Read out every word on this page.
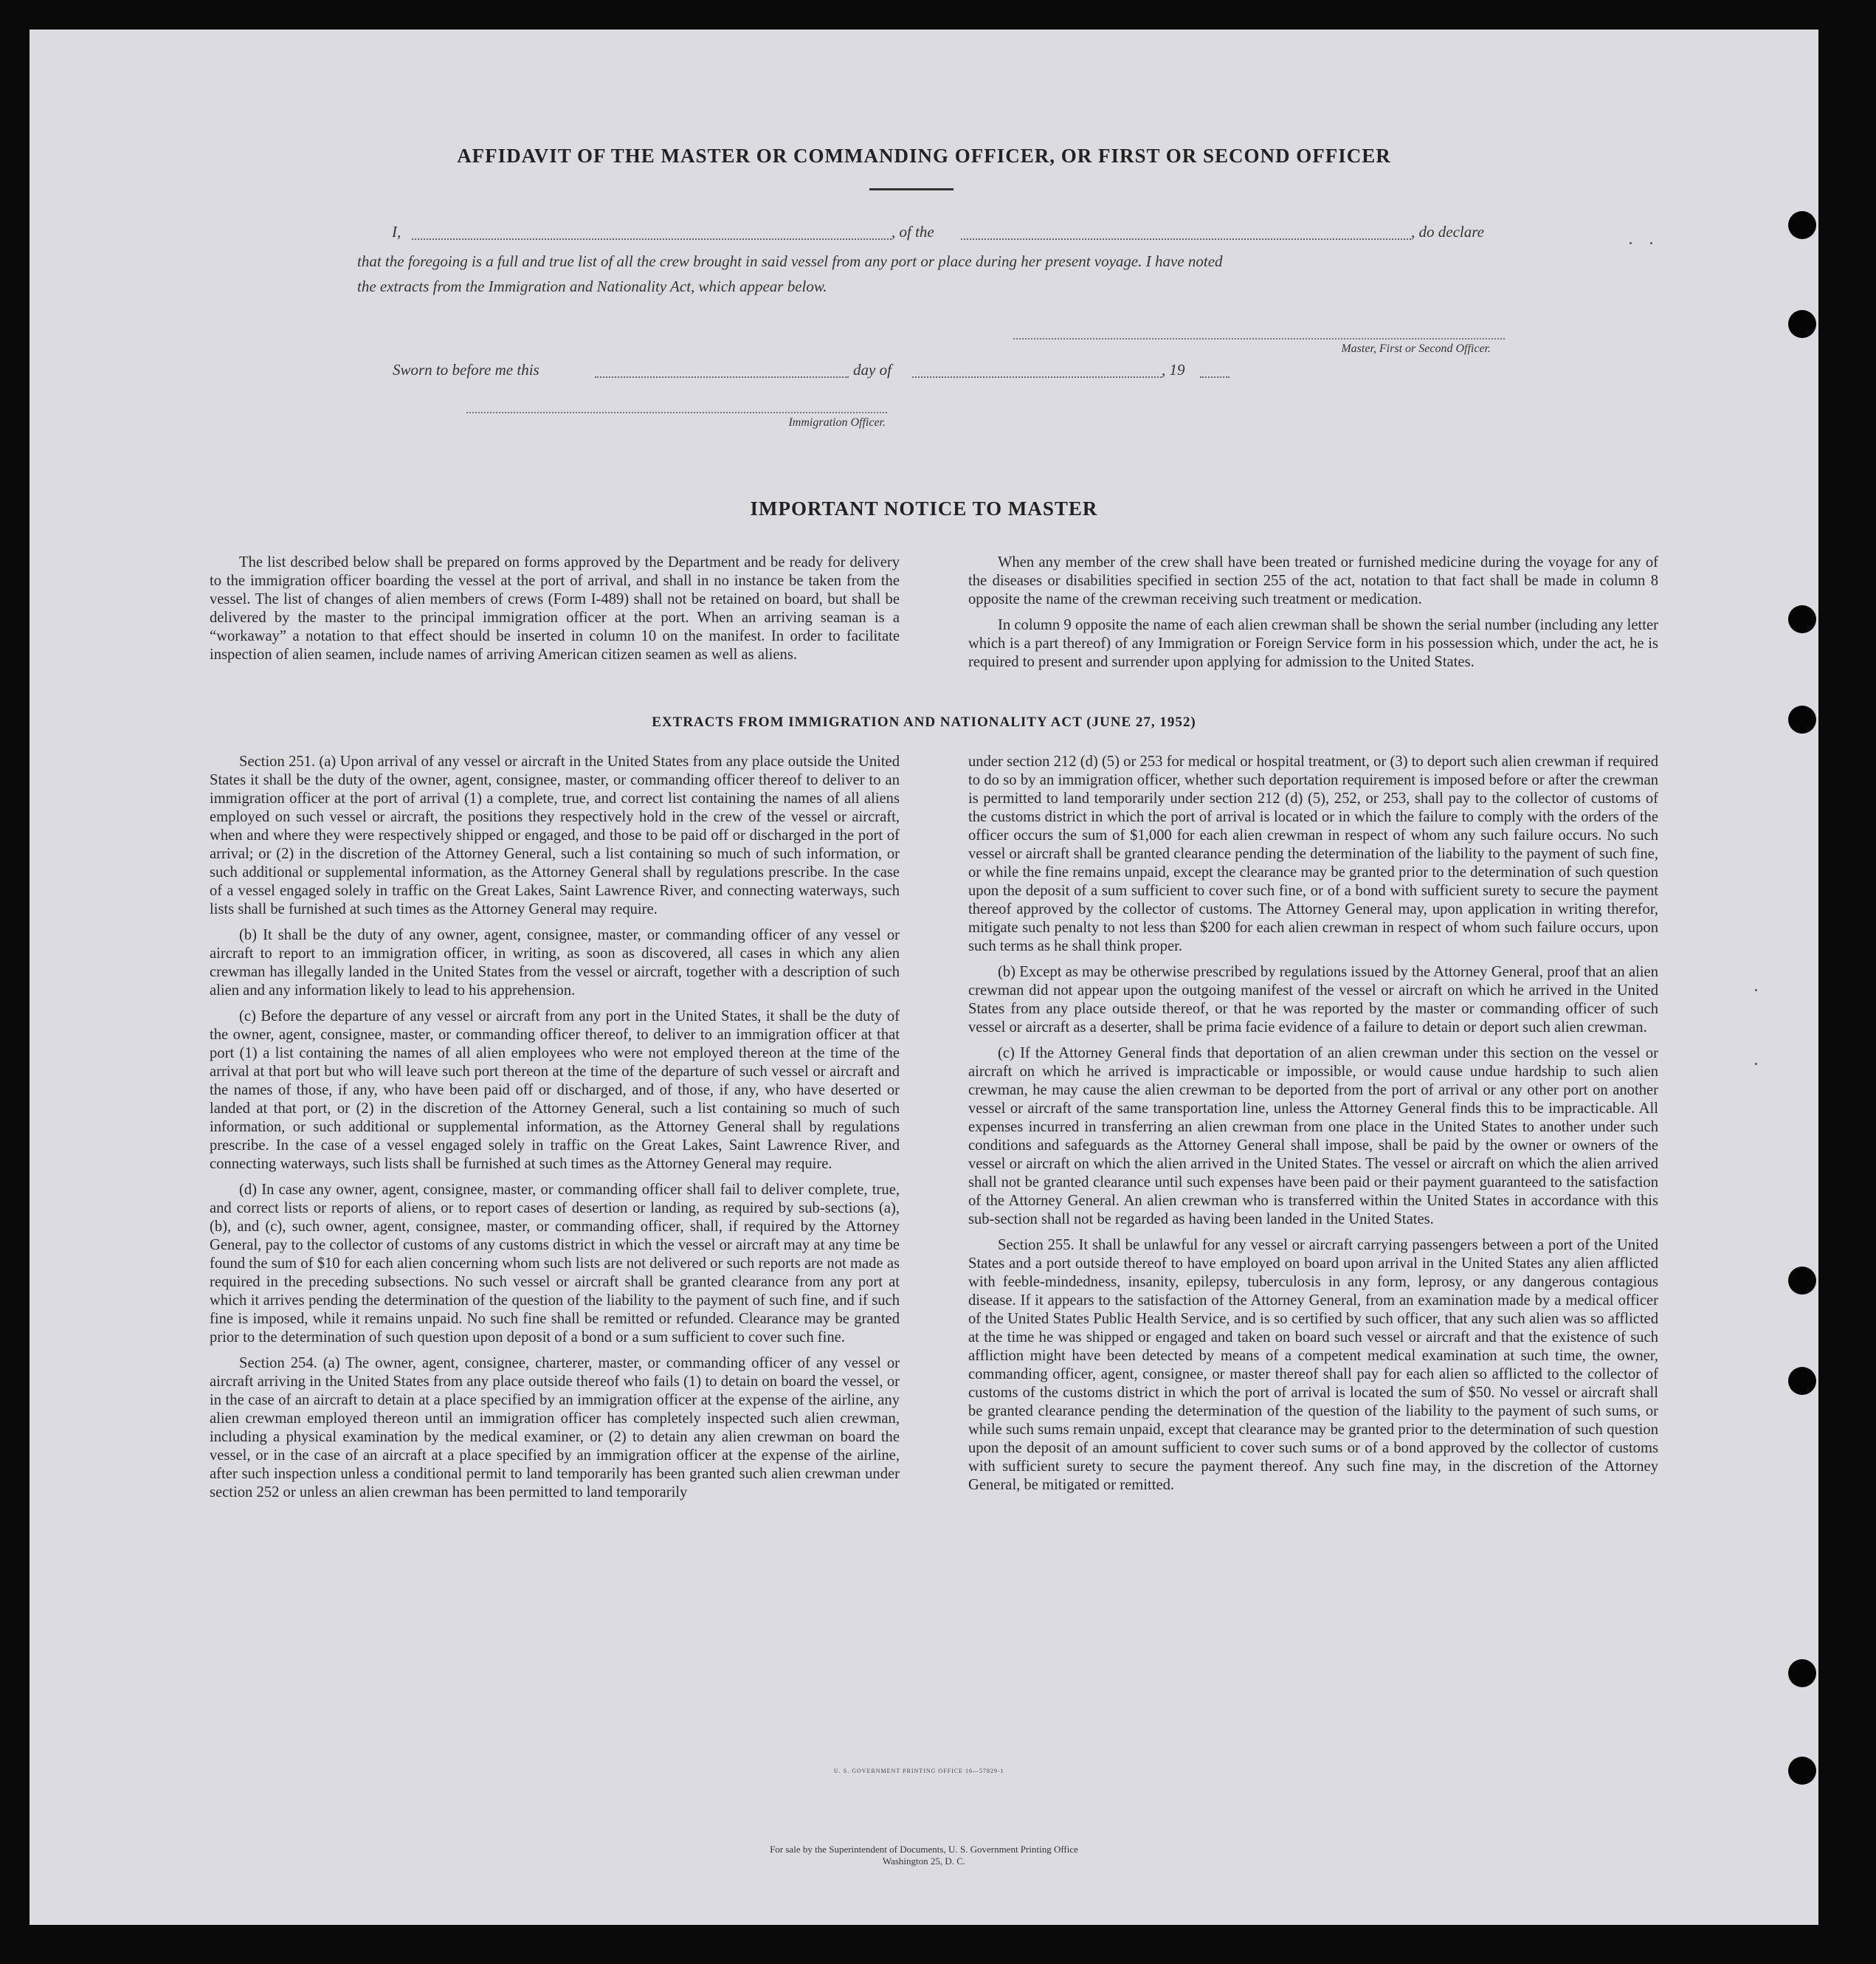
AFFIDAVIT OF THE MASTER OR COMMANDING OFFICER, OR FIRST OR SECOND OFFICER
I,	, of the	, do declare
that the foregoing is a full and true list of all the crew brought in said vessel from any port or place during her present voyage. I have noted
the extracts from the Immigration and Nationality Act, which appear below.
Master, First or Second Officer.
Sworn to before me this	day of	, 19
Immigration Officer.
IMPORTANT NOTICE TO MASTER

The list described below shall be prepared on forms approved by the Department and be ready for delivery to the immigration officer boarding the vessel at the port of arrival, and shall in no instance be taken from the vessel. The list of changes of alien members of crews (Form I-489) shall not be retained on board, but shall be delivered by the master to the principal immigration officer at the port. When an arriving seaman is a “workaway” a notation to that effect should be inserted in column 10 on the manifest. In order to facilitate inspection of alien seamen, include names of arriving American citizen seamen as well as aliens.

When any member of the crew shall have been treated or furnished medicine during the voyage for any of the diseases or disabilities specified in section 255 of the act, notation to that fact shall be made in column 8 opposite the name of the crewman receiving such treatment or medication.

In column 9 opposite the name of each alien crewman shall be shown the serial number (including any letter which is a part thereof) of any Immigration or Foreign Service form in his possession which, under the act, he is required to present and surrender upon applying for admission to the United States.

EXTRACTS FROM IMMIGRATION AND NATIONALITY ACT (JUNE 27, 1952)

Section 251. (a) Upon arrival of any vessel or aircraft in the United States from any place outside the United States it shall be the duty of the owner, agent, consignee, master, or commanding officer thereof to deliver to an immigration officer at the port of arrival (1) a complete, true, and correct list containing the names of all aliens employed on such vessel or aircraft, the positions they respectively hold in the crew of the vessel or aircraft, when and where they were respectively shipped or engaged, and those to be paid off or discharged in the port of arrival; or (2) in the discretion of the Attorney General, such a list containing so much of such information, or such additional or supplemental information, as the Attorney General shall by regulations prescribe. In the case of a vessel engaged solely in traffic on the Great Lakes, Saint Lawrence River, and connecting waterways, such lists shall be furnished at such times as the Attorney General may require.

(b) It shall be the duty of any owner, agent, consignee, master, or commanding officer of any vessel or aircraft to report to an immigration officer, in writing, as soon as discovered, all cases in which any alien crewman has illegally landed in the United States from the vessel or aircraft, together with a description of such alien and any information likely to lead to his apprehension.

(c) Before the departure of any vessel or aircraft from any port in the United States, it shall be the duty of the owner, agent, consignee, master, or commanding officer thereof, to deliver to an immigration officer at that port (1) a list containing the names of all alien employees who were not employed thereon at the time of the arrival at that port but who will leave such port thereon at the time of the departure of such vessel or aircraft and the names of those, if any, who have been paid off or discharged, and of those, if any, who have deserted or landed at that port, or (2) in the discretion of the Attorney General, such a list containing so much of such information, or such additional or supplemental information, as the Attorney General shall by regulations prescribe. In the case of a vessel engaged solely in traffic on the Great Lakes, Saint Lawrence River, and connecting waterways, such lists shall be furnished at such times as the Attorney General may require.

(d) In case any owner, agent, consignee, master, or commanding officer shall fail to deliver complete, true, and correct lists or reports of aliens, or to report cases of desertion or landing, as required by sub-sections (a), (b), and (c), such owner, agent, consignee, master, or commanding officer, shall, if required by the Attorney General, pay to the collector of customs of any customs district in which the vessel or aircraft may at any time be found the sum of $10 for each alien concerning whom such lists are not delivered or such reports are not made as required in the preceding subsections. No such vessel or aircraft shall be granted clearance from any port at which it arrives pending the determination of the question of the liability to the payment of such fine, and if such fine is imposed, while it remains unpaid. No such fine shall be remitted or refunded. Clearance may be granted prior to the determination of such question upon deposit of a bond or a sum sufficient to cover such fine.

Section 254. (a) The owner, agent, consignee, charterer, master, or commanding officer of any vessel or aircraft arriving in the United States from any place outside thereof who fails (1) to detain on board the vessel, or in the case of an aircraft to detain at a place specified by an immigration officer at the expense of the airline, any alien crewman employed thereon until an immigration officer has completely inspected such alien crewman, including a physical examination by the medical examiner, or (2) to detain any alien crewman on board the vessel, or in the case of an aircraft at a place specified by an immigration officer at the expense of the airline, after such inspection unless a conditional permit to land temporarily has been granted such alien crewman under section 252 or unless an alien crewman has been permitted to land temporarily

under section 212 (d) (5) or 253 for medical or hospital treatment, or (3) to deport such alien crewman if required to do so by an immigration officer, whether such deportation requirement is imposed before or after the crewman is permitted to land temporarily under section 212 (d) (5), 252, or 253, shall pay to the collector of customs of the customs district in which the port of arrival is located or in which the failure to comply with the orders of the officer occurs the sum of $1,000 for each alien crewman in respect of whom any such failure occurs. No such vessel or aircraft shall be granted clearance pending the determination of the liability to the payment of such fine, or while the fine remains unpaid, except the clearance may be granted prior to the determination of such question upon the deposit of a sum sufficient to cover such fine, or of a bond with sufficient surety to secure the payment thereof approved by the collector of customs. The Attorney General may, upon application in writing therefor, mitigate such penalty to not less than $200 for each alien crewman in respect of whom such failure occurs, upon such terms as he shall think proper.

(b) Except as may be otherwise prescribed by regulations issued by the Attorney General, proof that an alien crewman did not appear upon the outgoing manifest of the vessel or aircraft on which he arrived in the United States from any place outside thereof, or that he was reported by the master or commanding officer of such vessel or aircraft as a deserter, shall be prima facie evidence of a failure to detain or deport such alien crewman.

(c) If the Attorney General finds that deportation of an alien crewman under this section on the vessel or aircraft on which he arrived is impracticable or impossible, or would cause undue hardship to such alien crewman, he may cause the alien crewman to be deported from the port of arrival or any other port on another vessel or aircraft of the same transportation line, unless the Attorney General finds this to be impracticable. All expenses incurred in transferring an alien crewman from one place in the United States to another under such conditions and safeguards as the Attorney General shall impose, shall be paid by the owner or owners of the vessel or aircraft on which the alien arrived in the United States. The vessel or aircraft on which the alien arrived shall not be granted clearance until such expenses have been paid or their payment guaranteed to the satisfaction of the Attorney General. An alien crewman who is transferred within the United States in accordance with this sub-section shall not be regarded as having been landed in the United States.

Section 255. It shall be unlawful for any vessel or aircraft carrying passengers between a port of the United States and a port outside thereof to have employed on board upon arrival in the United States any alien afflicted with feeble-mindedness, insanity, epilepsy, tuberculosis in any form, leprosy, or any dangerous contagious disease. If it appears to the satisfaction of the Attorney General, from an examination made by a medical officer of the United States Public Health Service, and is so certified by such officer, that any such alien was so afflicted at the time he was shipped or engaged and taken on board such vessel or aircraft and that the existence of such affliction might have been detected by means of a competent medical examination at such time, the owner, commanding officer, agent, consignee, or master thereof shall pay for each alien so afflicted to the collector of customs of the customs district in which the port of arrival is located the sum of $50. No vessel or aircraft shall be granted clearance pending the determination of the question of the liability to the payment of such sums, or while such sums remain unpaid, except that clearance may be granted prior to the determination of such question upon the deposit of an amount sufficient to cover such sums or of a bond approved by the collector of customs with sufficient surety to secure the payment thereof. Any such fine may, in the discretion of the Attorney General, be mitigated or remitted.

U. S. GOVERNMENT PRINTING OFFICE 16—57829-1
For sale by the Superintendent of Documents, U. S. Government Printing Office
Washington 25, D. C.
